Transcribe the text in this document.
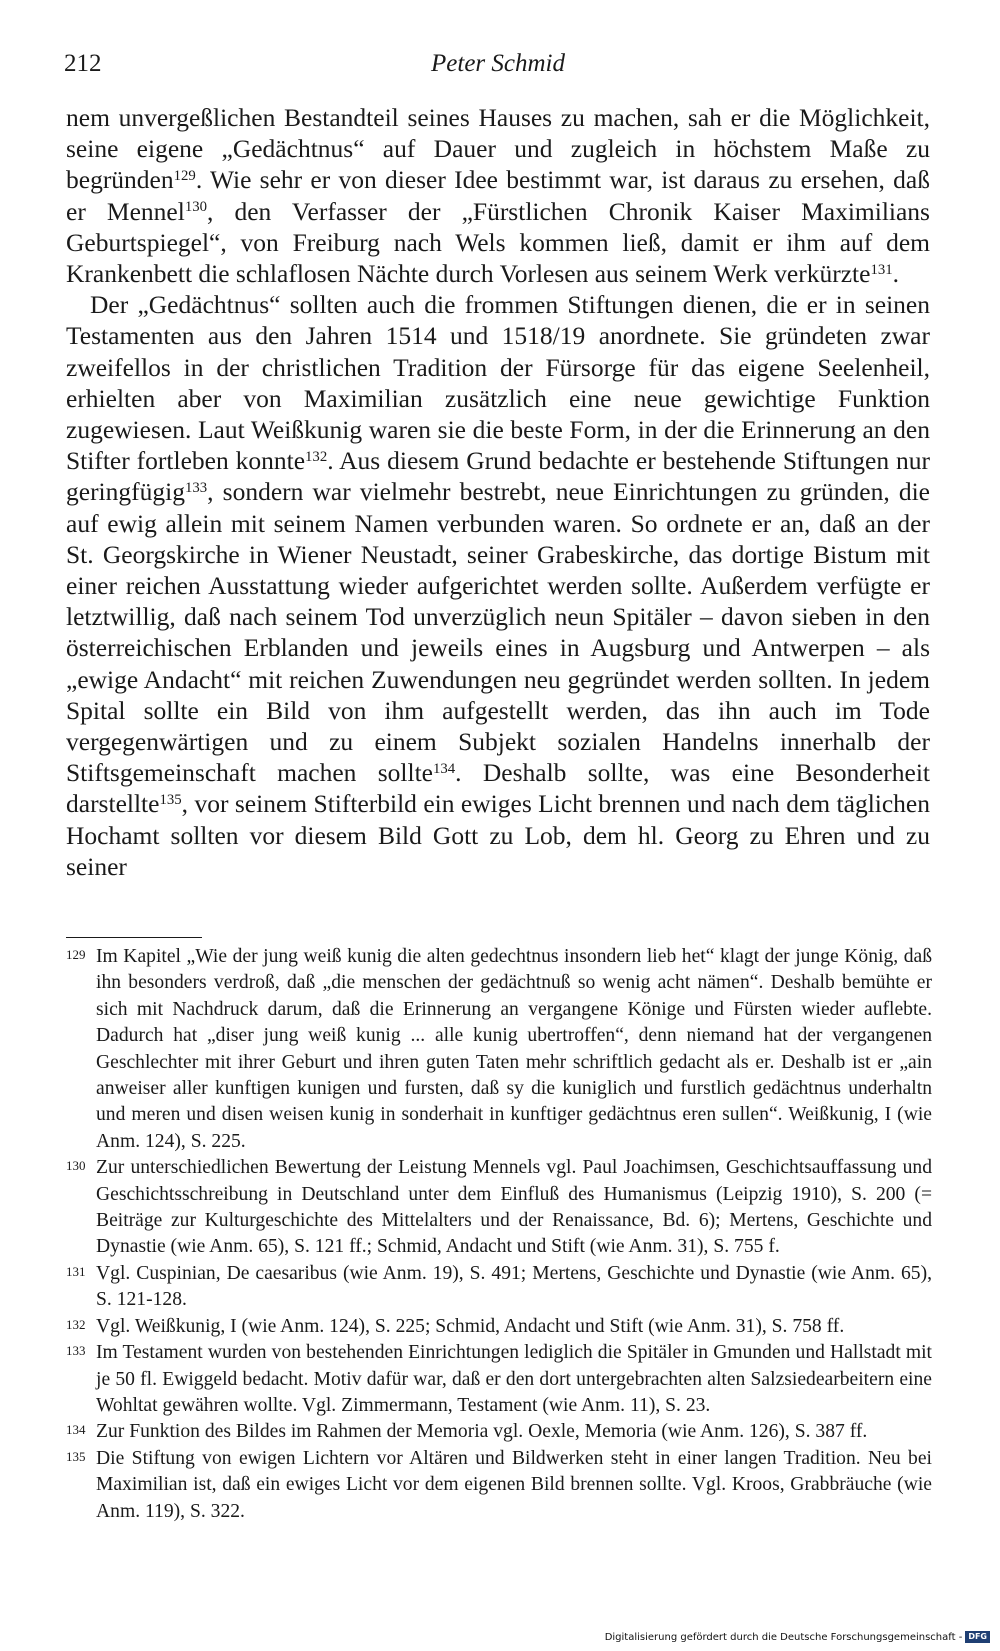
212	Peter Schmid

nem unvergeßlichen Bestandteil seines Hauses zu machen, sah er die Möglichkeit, seine eigene „Gedächtnus“ auf Dauer und zugleich in höchstem Maße zu begründen$^{129}$. Wie sehr er von dieser Idee bestimmt war, ist daraus zu ersehen, daß er Mennel$^{130}$, den Verfasser der „Fürstlichen Chronik Kaiser Maximilians Geburtspiegel“, von Freiburg nach Wels kommen ließ, damit er ihm auf dem Krankenbett die schlaflosen Nächte durch Vorlesen aus seinem Werk verkürzte$^{131}$.

Der „Gedächtnus“ sollten auch die frommen Stiftungen dienen, die er in seinen Testamenten aus den Jahren 1514 und 1518/19 anordnete. Sie gründeten zwar zweifellos in der christlichen Tradition der Fürsorge für das eigene Seelenheil, erhielten aber von Maximilian zusätzlich eine neue gewichtige Funktion zugewiesen. Laut Weißkunig waren sie die beste Form, in der die Erinnerung an den Stifter fortleben konnte$^{132}$. Aus diesem Grund bedachte er bestehende Stiftungen nur geringfügig$^{133}$, sondern war vielmehr bestrebt, neue Einrichtungen zu gründen, die auf ewig allein mit seinem Namen verbunden waren. So ordnete er an, daß an der St. Georgskirche in Wiener Neustadt, seiner Grabeskirche, das dortige Bistum mit einer reichen Ausstattung wieder aufgerichtet werden sollte. Außerdem verfügte er letztwillig, daß nach seinem Tod unverzüglich neun Spitäler – davon sieben in den österreichischen Erblanden und jeweils eines in Augsburg und Antwerpen – als „ewige Andacht“ mit reichen Zuwendungen neu gegründet werden sollten. In jedem Spital sollte ein Bild von ihm aufgestellt werden, das ihn auch im Tode vergegenwärtigen und zu einem Subjekt sozialen Handelns innerhalb der Stiftsgemeinschaft machen sollte$^{134}$. Deshalb sollte, was eine Besonderheit darstellte$^{135}$, vor seinem Stifterbild ein ewiges Licht brennen und nach dem täglichen Hochamt sollten vor diesem Bild Gott zu Lob, dem hl. Georg zu Ehren und zu seiner

129 Im Kapitel „Wie der jung weiß kunig die alten gedechtnus insondern lieb het“ klagt der junge König, daß ihn besonders verdroß, daß „die menschen der gedächtnuß so wenig acht nämen“. Deshalb bemühte er sich mit Nachdruck darum, daß die Erinnerung an vergangene Könige und Fürsten wieder auflebte. Dadurch hat „diser jung weiß kunig ... alle kunig ubertroffen“, denn niemand hat der vergangenen Geschlechter mit ihrer Geburt und ihren guten Taten mehr schriftlich gedacht als er. Deshalb ist er „ain anweiser aller kunftigen kunigen und fursten, daß sy die kuniglich und furstlich gedächtnus underhaltn und meren und disen weisen kunig in sonderhait in kunftiger gedächtnus eren sullen“. Weißkunig, I (wie Anm. 124), S. 225.
130 Zur unterschiedlichen Bewertung der Leistung Mennels vgl. Paul Joachimsen, Geschichtsauffassung und Geschichtsschreibung in Deutschland unter dem Einfluß des Humanismus (Leipzig 1910), S. 200 (= Beiträge zur Kulturgeschichte des Mittelalters und der Renaissance, Bd. 6); Mertens, Geschichte und Dynastie (wie Anm. 65), S. 121 ff.; Schmid, Andacht und Stift (wie Anm. 31), S. 755 f.
131 Vgl. Cuspinian, De caesaribus (wie Anm. 19), S. 491; Mertens, Geschichte und Dynastie (wie Anm. 65), S. 121-128.
132 Vgl. Weißkunig, I (wie Anm. 124), S. 225; Schmid, Andacht und Stift (wie Anm. 31), S. 758 ff.
133 Im Testament wurden von bestehenden Einrichtungen lediglich die Spitäler in Gmunden und Hallstadt mit je 50 fl. Ewiggeld bedacht. Motiv dafür war, daß er den dort untergebrachten alten Salzsiedearbeitern eine Wohltat gewähren wollte. Vgl. Zimmermann, Testament (wie Anm. 11), S. 23.
134 Zur Funktion des Bildes im Rahmen der Memoria vgl. Oexle, Memoria (wie Anm. 126), S. 387 ff.
135 Die Stiftung von ewigen Lichtern vor Altären und Bildwerken steht in einer langen Tradition. Neu bei Maximilian ist, daß ein ewiges Licht vor dem eigenen Bild brennen sollte. Vgl. Kroos, Grabbräuche (wie Anm. 119), S. 322.
Digitalisierung gefördert durch die Deutsche Forschungsgemeinschaft - DFG
